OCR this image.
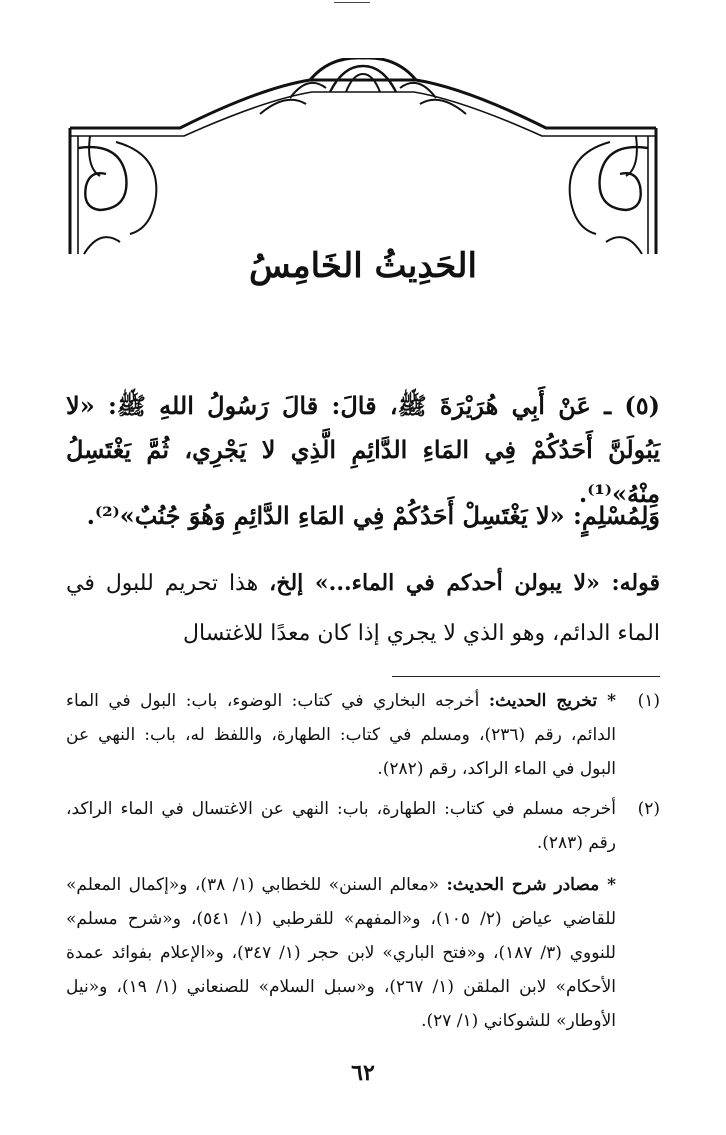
الحَدِيثُ الخَامِسُ
(٥) ـ عَنْ أَبِي هُرَيْرَةَ ﷺ، قالَ: قالَ رَسُولُ اللهِ ﷺ: «لا يَبُولَنَّ أَحَدُكُمْ فِي المَاءِ الدَّائِمِ الَّذِي لا يَجْرِي، ثُمَّ يَغْتَسِلُ مِنْهُ»⁽¹⁾.
وَلِمُسْلِمٍ: «لا يَغْتَسِلْ أَحَدُكُمْ فِي المَاءِ الدَّائِمِ وَهُوَ جُنُبٌ»⁽²⁾.
قوله: «لا يبولن أحدكم في الماء...» إلخ، هذا تحريم للبول في الماء الدائم، وهو الذي لا يجري إذا كان معدًا للاغتسال
(١)
* تخريج الحديث: أخرجه البخاري في كتاب: الوضوء، باب: البول في الماء الدائم، رقم (٢٣٦)، ومسلم في كتاب: الطهارة، واللفظ له، باب: النهي عن البول في الماء الراكد، رقم (٢٨٢).
(٢)
أخرجه مسلم في كتاب: الطهارة، باب: النهي عن الاغتسال في الماء الراكد، رقم (٢٨٣).
* مصادر شرح الحديث: «معالم السنن» للخطابي (١/ ٣٨)، و«إكمال المعلم» للقاضي عياض (٢/ ١٠٥)، و«المفهم» للقرطبي (١/ ٥٤١)، و«شرح مسلم» للنووي (٣/ ١٨٧)، و«فتح الباري» لابن حجر (١/ ٣٤٧)، و«الإعلام بفوائد عمدة الأحكام» لابن الملقن (١/ ٢٦٧)، و«سبل السلام» للصنعاني (١/ ١٩)، و«نيل الأوطار» للشوكاني (١/ ٢٧).
٦٢
